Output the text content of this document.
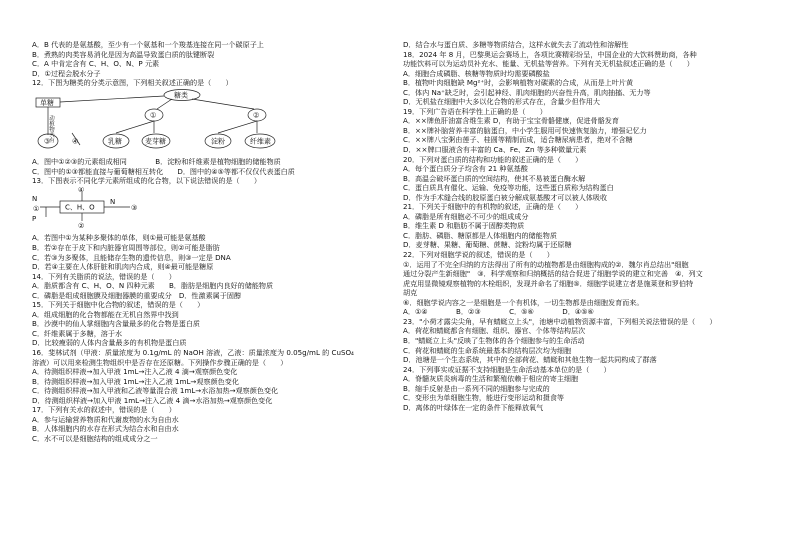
A．B 代表的是氨基酸，至少有一个氨基和一个羧基连接在同一个碳原子上
B．煮熟的肉类容易消化是因为高温导致蛋白质的肽键断裂
C．A 中肯定含有 C、H、O、N、P 元素
D．①过程会脱水分子
12．下图为糖类的分类示意图，下列相关叙述正确的是（　　）
糖类
单糖
①	②
乳糖	麦芽糖	淀粉	纤维素
③	④
动植物共有
A．图中①②③的元素组成相同　　　　B．淀粉和纤维素是植物细胞的储能物质
C．图中的①③都能直接与葡萄糖相互转化　　D．图中的④⑤等都不仅仅代表蛋白质
13．下图表示不同化学元素所组成的化合物，以下说法错误的是（　　）
C、H、O
④
N
P
①
②
③
N
A．若图中①为某种多聚体的单体，则①最可能是氨基酸
B．若②存在于皮下和内脏器官周围等部位，则②可能是脂肪
C．若③为多聚体，且能储存生物的遗传信息，则③一定是 DNA
D．若④主要在人体肝脏和肌肉内合成，则④最可能是糖原
14．下列有关脂质的说法，错误的是（　　）
A．脂质都含有 C、H、O、N 四种元素　　B．脂肪是细胞内良好的储能物质
C．磷脂是组成细胞膜及细胞器膜的重要成分　D．性激素属于固醇
15．下列关于细胞中化合物的叙述，错误的是（　　）
A．组成细胞的化合物都能在无机自然界中找到
B．沙漠中的仙人掌细胞内含量最多的化合物是蛋白质
C．纤维素属于多糖，溶于水
D．比较瘦弱的人体内含量最多的有机物是蛋白质
16．斐林试剂（甲液：质量浓度为 0.1g/mL 的 NaOH 溶液，乙液：质量浓度为 0.05g/mL 的 CuSO₄
溶液）可以用来检测生物组织中是否存在还原糖。下列操作步骤正确的是（　　）
A．待测组织样液→加入甲液 1mL→注入乙液 4 滴→观察颜色变化
B．待测组织样液→加入甲液 1mL→注入乙液 1mL→观察颜色变化
C．待测组织样液→加入甲液和乙液等量混合液 1mL→水浴加热→观察颜色变化
D．待测组织样液→加入甲液 1mL→注入乙液 4 滴→水浴加热→观察颜色变化
17．下列有关水的叙述中，错误的是（　　）
A．参与运输营养物质和代谢废物的水为自由水
B．人体细胞内的水存在形式为结合水和自由水
C．水不可以是细胞结构的组成成分之一
D．结合水与蛋白质、多糖等物质结合，这样水就失去了流动性和溶解性
18．2024 年 8 月，巴黎奥运会赛场上，各项比赛精彩纷呈，中国企业的大饮料赞助商，各种
功能饮料可以为运动员补充水、能量、无机盐等营养。下列有关无机盐叙述正确的是（　　）
A．细胞合成磷脂、核糖等物质时均需要磷酸盐
B．植物叶肉细胞缺 Mg²⁺时，会影响植物对碳素的合成，从而是上叶片黄
C．体内 Na⁺缺乏时，会引起神经、肌肉细胞的兴奋性升高，肌肉抽搐、无力等
D．无机盐在细胞中大多以化合物的形式存在，含量少但作用大
19．下列广告语在科学性上正确的是（　　）
A．××牌鱼肝油富含维生素 D，有助于宝宝骨骼健康，促进骨骼发育
B．××牌补脑营养丰富的脑蛋白，中小学生服用可快速恢复脑力，增强记忆力
C．××牌八宝粥由莲子、桂圆等精制而成，适合糖尿病患者，绝对不含糖
D．××牌口服液含有丰富的 Ca、Fe、Zn 等多种微量元素
20．下列对蛋白质的结构和功能的叙述正确的是（　　）
A．每个蛋白质分子均含有 21 种氨基酸
B．高温会破坏蛋白质的空间结构，使其不易被蛋白酶水解
C．蛋白质具有催化、运输、免疫等功能，这些蛋白质称为结构蛋白
D．作为手术缝合线的胶原蛋白被分解成氨基酸才可以被人体吸收
21．下列关于细胞中的有机物的叙述，正确的是（　　）
A．磷脂是所有细胞必不可少的组成成分
B．维生素 D 和脂肪不属于固醇类物质
C．脂肪、磷脂、糖原都是人体细胞内的储能物质
D．麦芽糖、果糖、葡萄糖、蔗糖、淀粉均属于还原糖
22．下列对细胞学说的叙述，错误的是（　　）
①．运用了不完全归纳的方法得出了所有的动植物都是由细胞构成的②．魏尔肖总结出"细胞
通过分裂产生新细胞"　③．科学观察和归纳概括的结合促进了细胞学说的建立和完善　④．列文
虎克用显微镜观察植物的木栓组织，发现并命名了细胞⑤．细胞学说建立者是施莱登和罗伯特
胡克
⑥．细胞学说内容之一是细胞是一个有机体，一切生物都是由细胞发育而来。
A．①④　　　　B．②③　　　　C．⑤⑥　　　　D．④⑤⑥
23．"小荷才露尖尖角，早有蜻蜓立上头"，池塘中动植物资源丰富，下列相关说法错误的是（　　）
A．荷花和蜻蜓都含有细胞、组织、器官、个体等结构层次
B．"蜻蜓立上头"反映了生物体的各个细胞参与的生命活动
C．荷花和蜻蜓的生命系统最基本的结构层次均为细胞
D．池塘是一个生态系统，其中的全部荷花、蜻蜓和其他生物一起共同构成了群落
24．下列事实或证据不支持细胞是生命活动基本单位的是（　　）
A．脊髓灰质炎病毒的生活和繁殖依赖于相应的寄主细胞
B．缩手反射是由一系列不同的细胞参与完成的
C．变形虫为单细胞生物，能进行变形运动和摄食等
D．离体的叶绿体在一定的条件下能释放氧气
